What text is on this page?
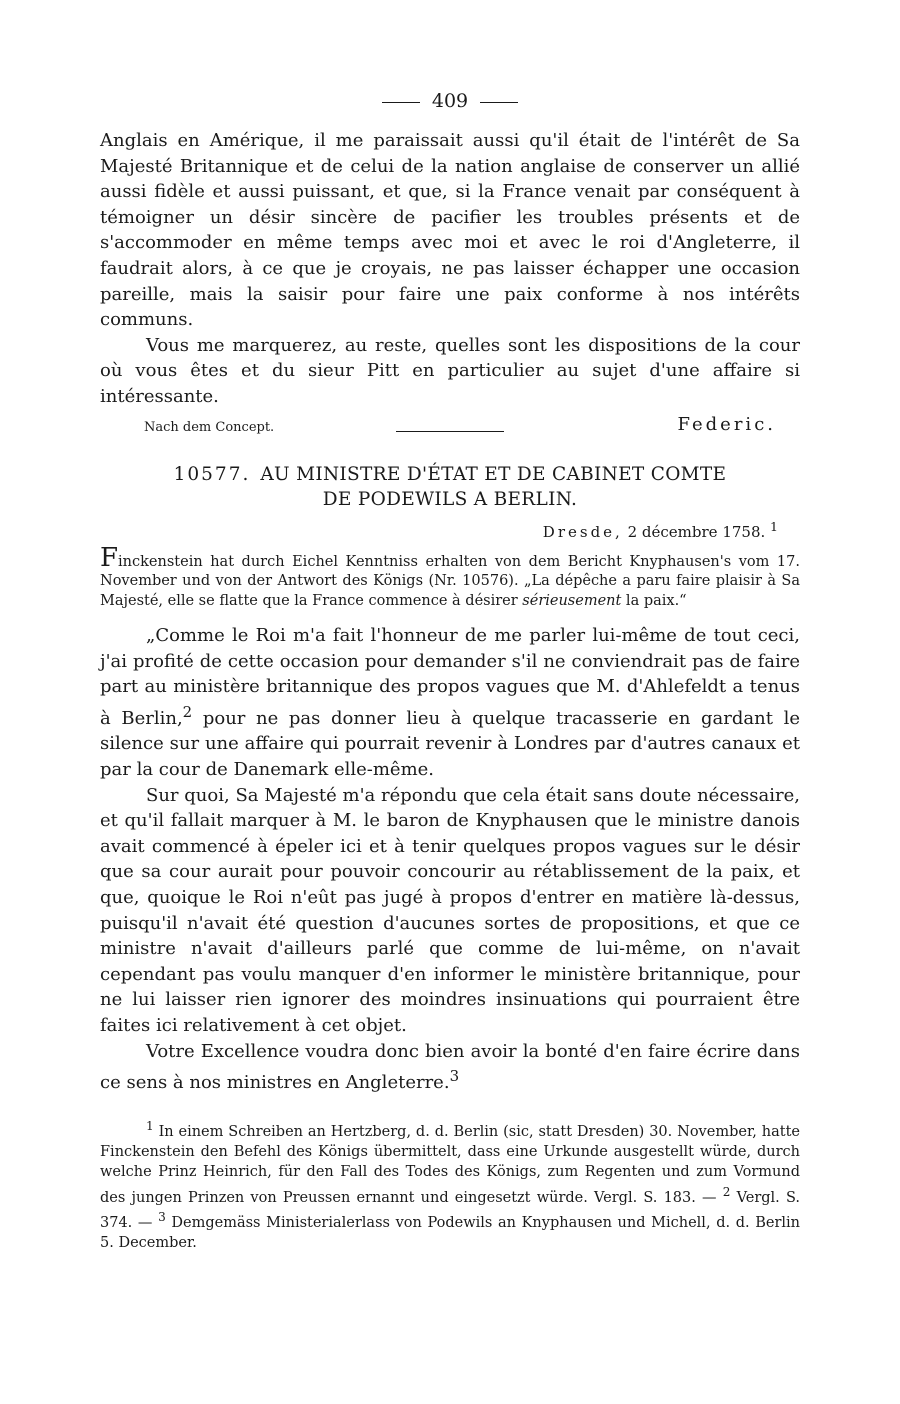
409

Anglais en Amérique, il me paraissait aussi qu'il était de l'intérêt de Sa Majesté Britannique et de celui de la nation anglaise de conserver un allié aussi fidèle et aussi puissant, et que, si la France venait par conséquent à témoigner un désir sincère de pacifier les troubles présents et de s'accommoder en même temps avec moi et avec le roi d'Angleterre, il faudrait alors, à ce que je croyais, ne pas laisser échapper une occasion pareille, mais la saisir pour faire une paix conforme à nos intérêts communs.

Vous me marquerez, au reste, quelles sont les dispositions de la cour où vous êtes et du sieur Pitt en particulier au sujet d'une affaire si intéressante.

Nach dem Concept.	Federic.
10577. AU MINISTRE D'ÉTAT ET DE CABINET COMTE
DE PODEWILS A BERLIN.
Dresde, 2 décembre 1758. $^1$

Finckenstein hat durch Eichel Kenntniss erhalten von dem Bericht Knyphausen's vom 17. November und von der Antwort des Königs (Nr. 10576). „La dépêche a paru faire plaisir à Sa Majesté, elle se flatte que la France commence à désirer sérieusement la paix.“

„Comme le Roi m'a fait l'honneur de me parler lui-même de tout ceci, j'ai profité de cette occasion pour demander s'il ne conviendrait pas de faire part au ministère britannique des propos vagues que M. d'Ahlefeldt a tenus à Berlin,$^2$ pour ne pas donner lieu à quelque tracasserie en gardant le silence sur une affaire qui pourrait revenir à Londres par d'autres canaux et par la cour de Danemark elle-même.

Sur quoi, Sa Majesté m'a répondu que cela était sans doute nécessaire, et qu'il fallait marquer à M. le baron de Knyphausen que le ministre danois avait commencé à épeler ici et à tenir quelques propos vagues sur le désir que sa cour aurait pour pouvoir concourir au rétablissement de la paix, et que, quoique le Roi n'eût pas jugé à propos d'entrer en matière là-dessus, puisqu'il n'avait été question d'aucunes sortes de propositions, et que ce ministre n'avait d'ailleurs parlé que comme de lui-même, on n'avait cependant pas voulu manquer d'en informer le ministère britannique, pour ne lui laisser rien ignorer des moindres insinuations qui pourraient être faites ici relativement à cet objet.

Votre Excellence voudra donc bien avoir la bonté d'en faire écrire dans ce sens à nos ministres en Angleterre.$^3$

$^1$ In einem Schreiben an Hertzberg, d. d. Berlin (sic, statt Dresden) 30. November, hatte Finckenstein den Befehl des Königs übermittelt, dass eine Urkunde ausgestellt würde, durch welche Prinz Heinrich, für den Fall des Todes des Königs, zum Regenten und zum Vormund des jungen Prinzen von Preussen ernannt und eingesetzt würde. Vergl. S. 183. — $^2$ Vergl. S. 374. — $^3$ Demgemäss Ministerialerlass von Podewils an Knyphausen und Michell, d. d. Berlin 5. December.
